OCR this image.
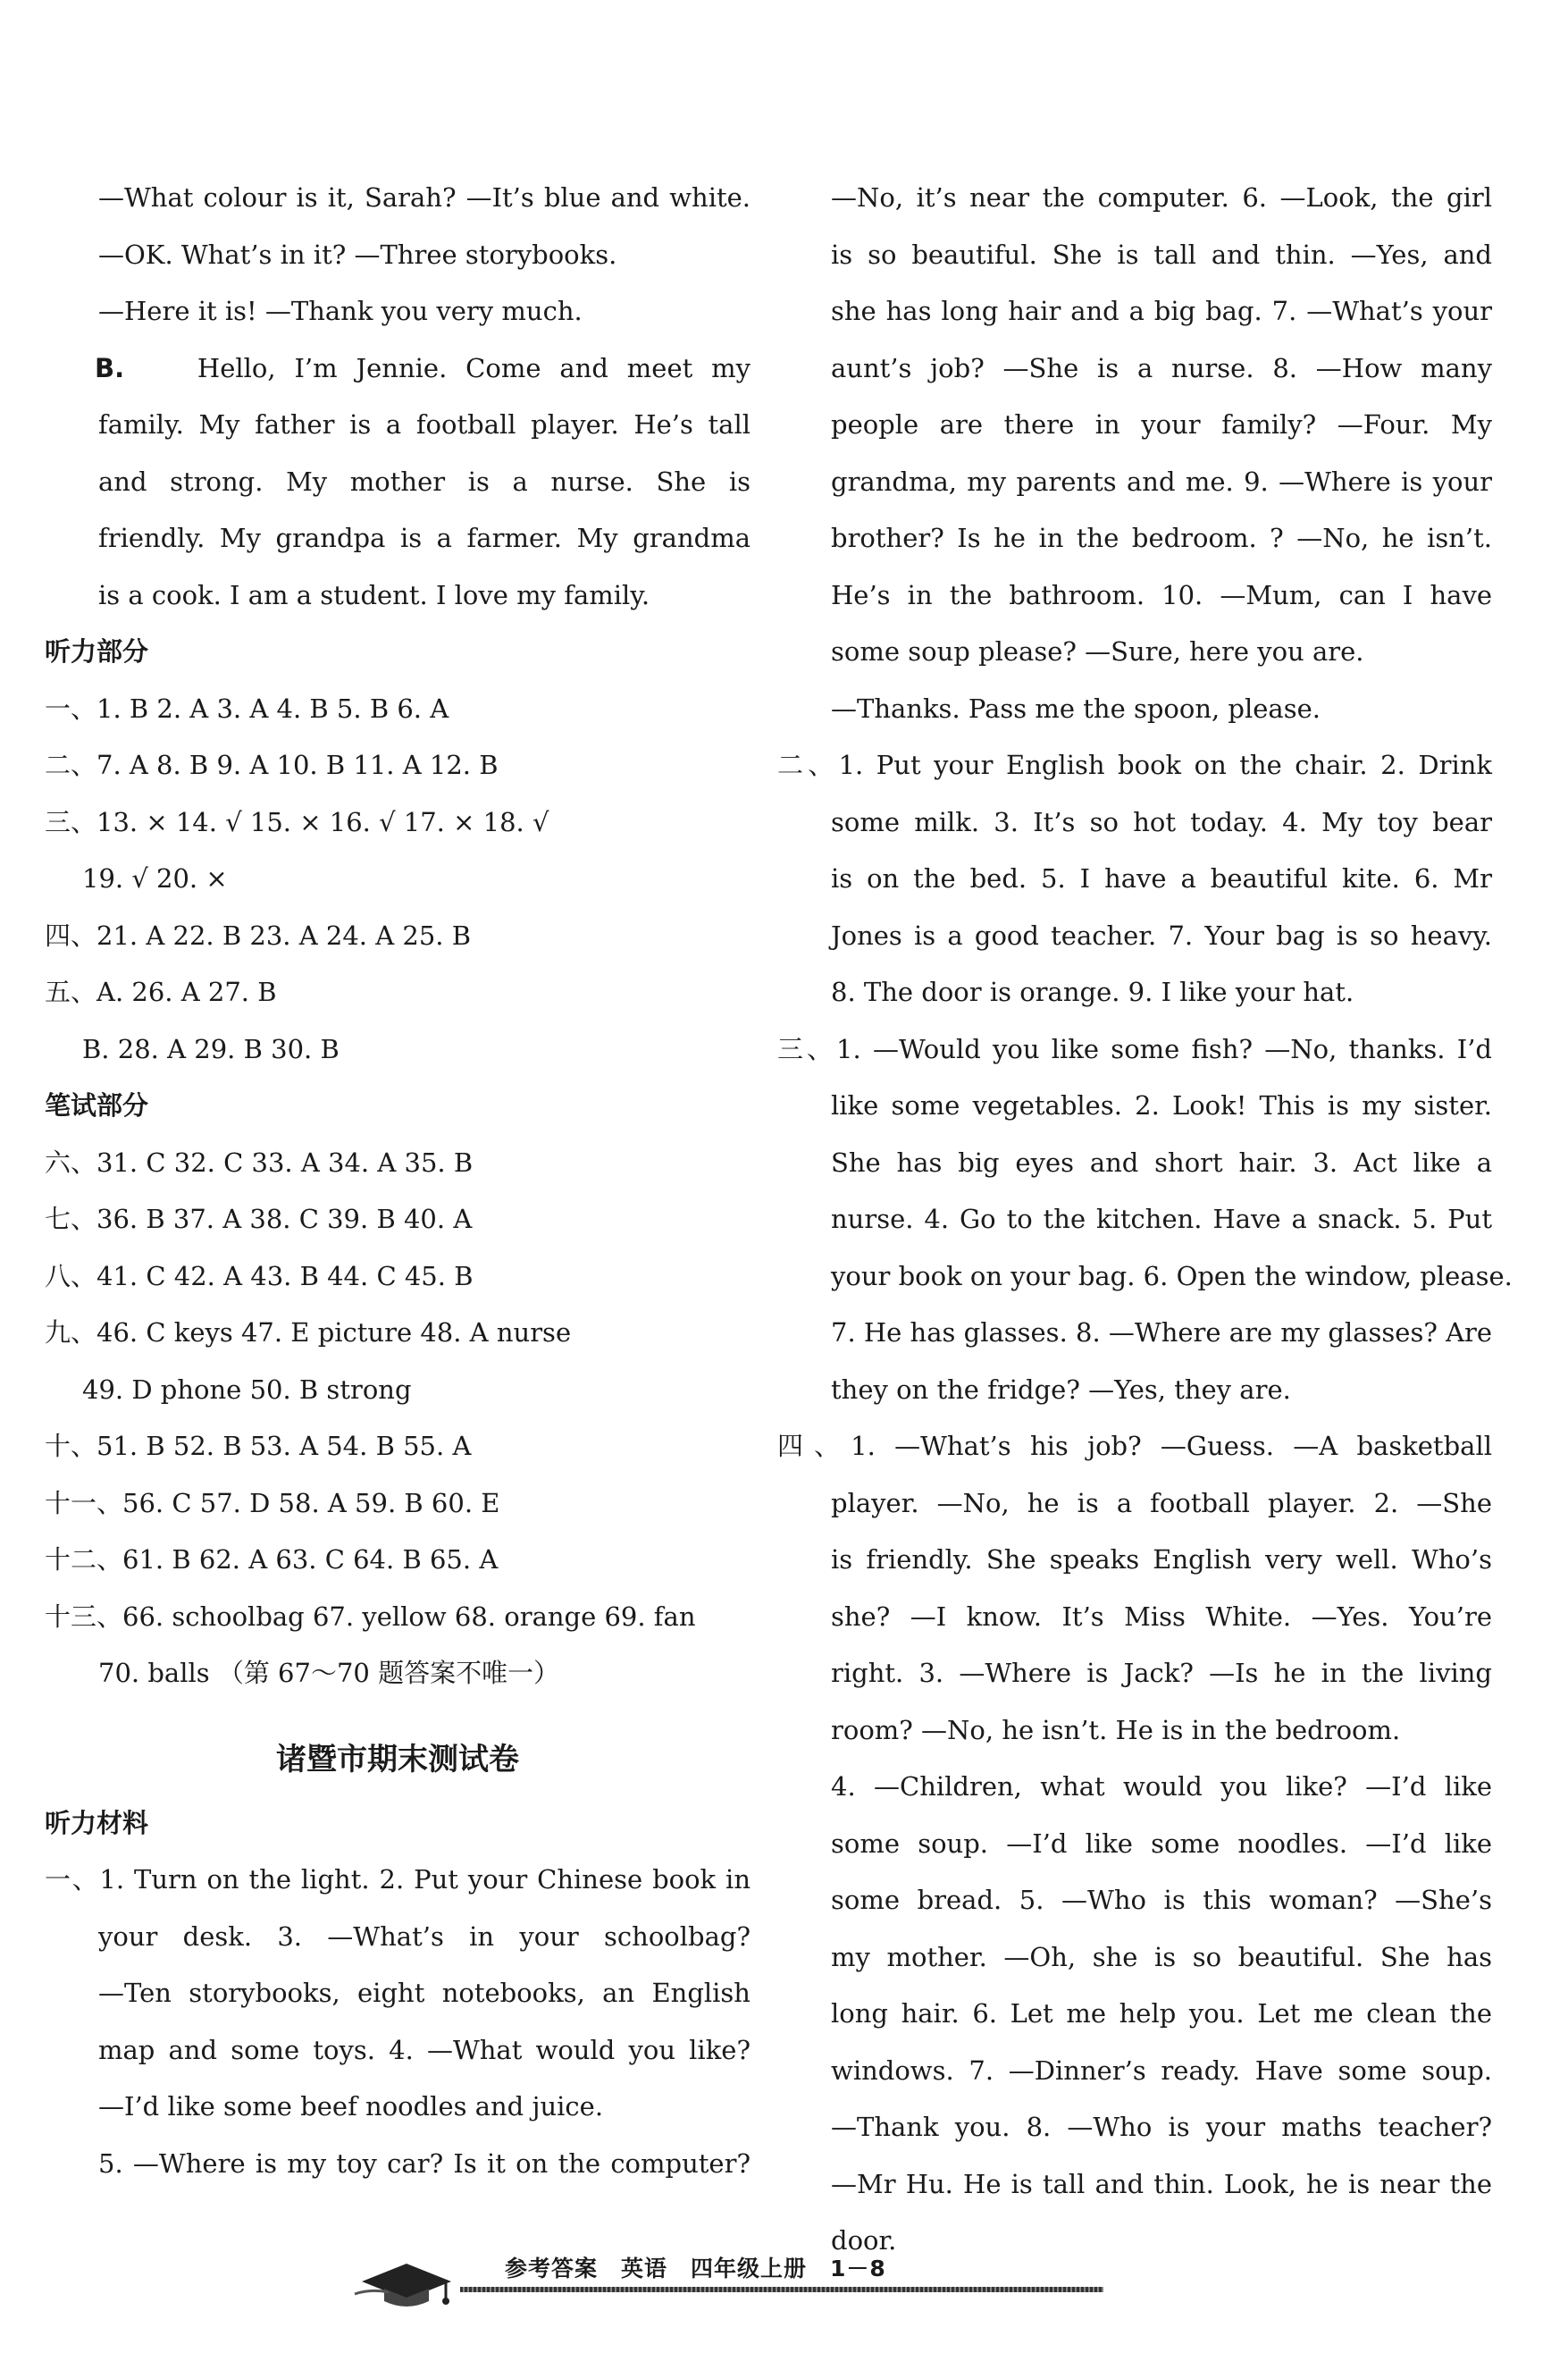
—What colour is it, Sarah? —It’s blue and white.
—OK. What’s in it? —Three storybooks.
—Here it is! —Thank you very much.
B.	Hello, I’m Jennie. Come and meet my
family. My father is a football player. He’s tall
and strong. My mother is a nurse. She is
friendly. My grandpa is a farmer. My grandma
is a cook. I am a student. I love my family.
听力部分
一、1. B 2. A 3. A 4. B 5. B 6. A
二、7. A 8. B 9. A 10. B 11. A 12. B
三、13. × 14. √ 15. × 16. √ 17. × 18. √
19. √ 20. ×
四、21. A 22. B 23. A 24. A 25. B
五、A. 26. A 27. B
B. 28. A 29. B 30. B
笔试部分
六、31. C 32. C 33. A 34. A 35. B
七、36. B 37. A 38. C 39. B 40. A
八、41. C 42. A 43. B 44. C 45. B
九、46. C keys 47. E picture 48. A nurse
49. D phone 50. B strong
十、51. B 52. B 53. A 54. B 55. A
十一、56. C 57. D 58. A 59. B 60. E
十二、61. B 62. A 63. C 64. B 65. A
十三、66. schoolbag 67. yellow 68. orange 69. fan
70. balls （第 67～70 题答案不唯一）
诸暨市期末测试卷
听力材料
一、1. Turn on the light. 2. Put your Chinese book in
your desk. 3. —What’s in your schoolbag?
—Ten storybooks, eight notebooks, an English
map and some toys. 4. —What would you like?
—I’d like some beef noodles and juice.
5. —Where is my toy car? Is it on the computer?
—No, it’s near the computer. 6. —Look, the girl
is so beautiful. She is tall and thin. —Yes, and
she has long hair and a big bag. 7. —What’s your
aunt’s job? —She is a nurse. 8. —How many
people are there in your family? —Four. My
grandma, my parents and me. 9. —Where is your
brother? Is he in the bedroom. ? —No, he isn’t.
He’s in the bathroom. 10. —Mum, can I have
some soup please? —Sure, here you are.
—Thanks. Pass me the spoon, please.
二、1. Put your English book on the chair. 2. Drink
some milk. 3. It’s so hot today. 4. My toy bear
is on the bed. 5. I have a beautiful kite. 6. Mr
Jones is a good teacher. 7. Your bag is so heavy.
8. The door is orange. 9. I like your hat.
三、1. —Would you like some fish? —No, thanks. I’d
like some vegetables. 2. Look! This is my sister.
She has big eyes and short hair. 3. Act like a
nurse. 4. Go to the kitchen. Have a snack. 5. Put
your book on your bag. 6. Open the window, please.
7. He has glasses. 8. —Where are my glasses? Are
they on the fridge? —Yes, they are.
四、1. —What’s his job? —Guess. —A basketball
player. —No, he is a football player. 2. —She
is friendly. She speaks English very well. Who’s
she? —I know. It’s Miss White. —Yes. You’re
right. 3. —Where is Jack? —Is he in the living
room? —No, he isn’t. He is in the bedroom.
4. —Children, what would you like? —I’d like
some soup. —I’d like some noodles. —I’d like
some bread. 5. —Who is this woman? —She’s
my mother. —Oh, she is so beautiful. She has
long hair. 6. Let me help you. Let me clean the
windows. 7. —Dinner’s ready. Have some soup.
—Thank you. 8. —Who is your maths teacher?
—Mr Hu. He is tall and thin. Look, he is near the
door.
参考答案　英语　四年级上册　1－8
